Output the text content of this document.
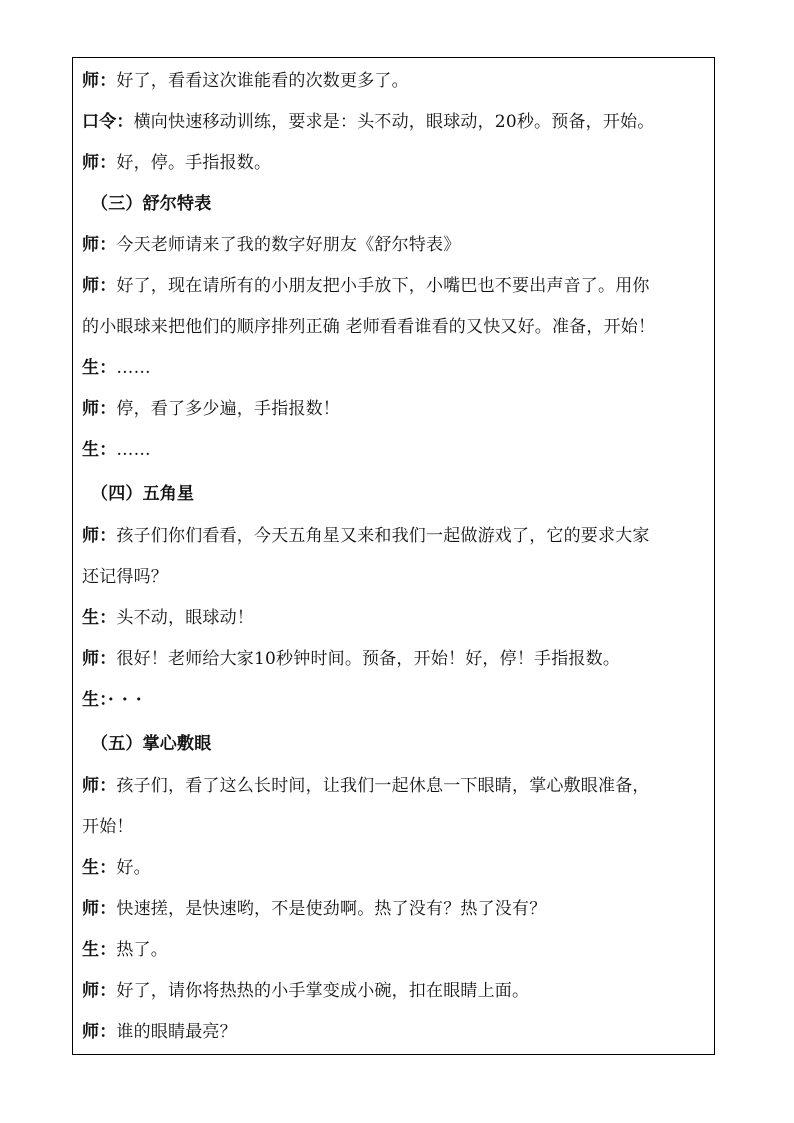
师：好了，看看这次谁能看的次数更多了。
口令：横向快速移动训练，要求是：头不动，眼球动，20秒。预备，开始。
师：好，停。手指报数。
（三）舒尔特表
师：今天老师请来了我的数字好朋友《舒尔特表》
师：好了，现在请所有的小朋友把小手放下，小嘴巴也不要出声音了。用你
的小眼球来把他们的顺序排列正确 老师看看谁看的又快又好。准备，开始！
生：……
师：停，看了多少遍，手指报数！
生：……
（四）五角星
师：孩子们你们看看，今天五角星又来和我们一起做游戏了，它的要求大家
还记得吗？
生：头不动，眼球动！
师：很好！老师给大家10秒钟时间。预备，开始！好，停！手指报数。
生：···
（五）掌心敷眼
师：孩子们，看了这么长时间，让我们一起休息一下眼睛，掌心敷眼准备，
开始！
生：好。
师：快速搓，是快速哟，不是使劲啊。热了没有？热了没有？
生：热了。
师：好了，请你将热热的小手掌变成小碗，扣在眼睛上面。
师：谁的眼睛最亮？
